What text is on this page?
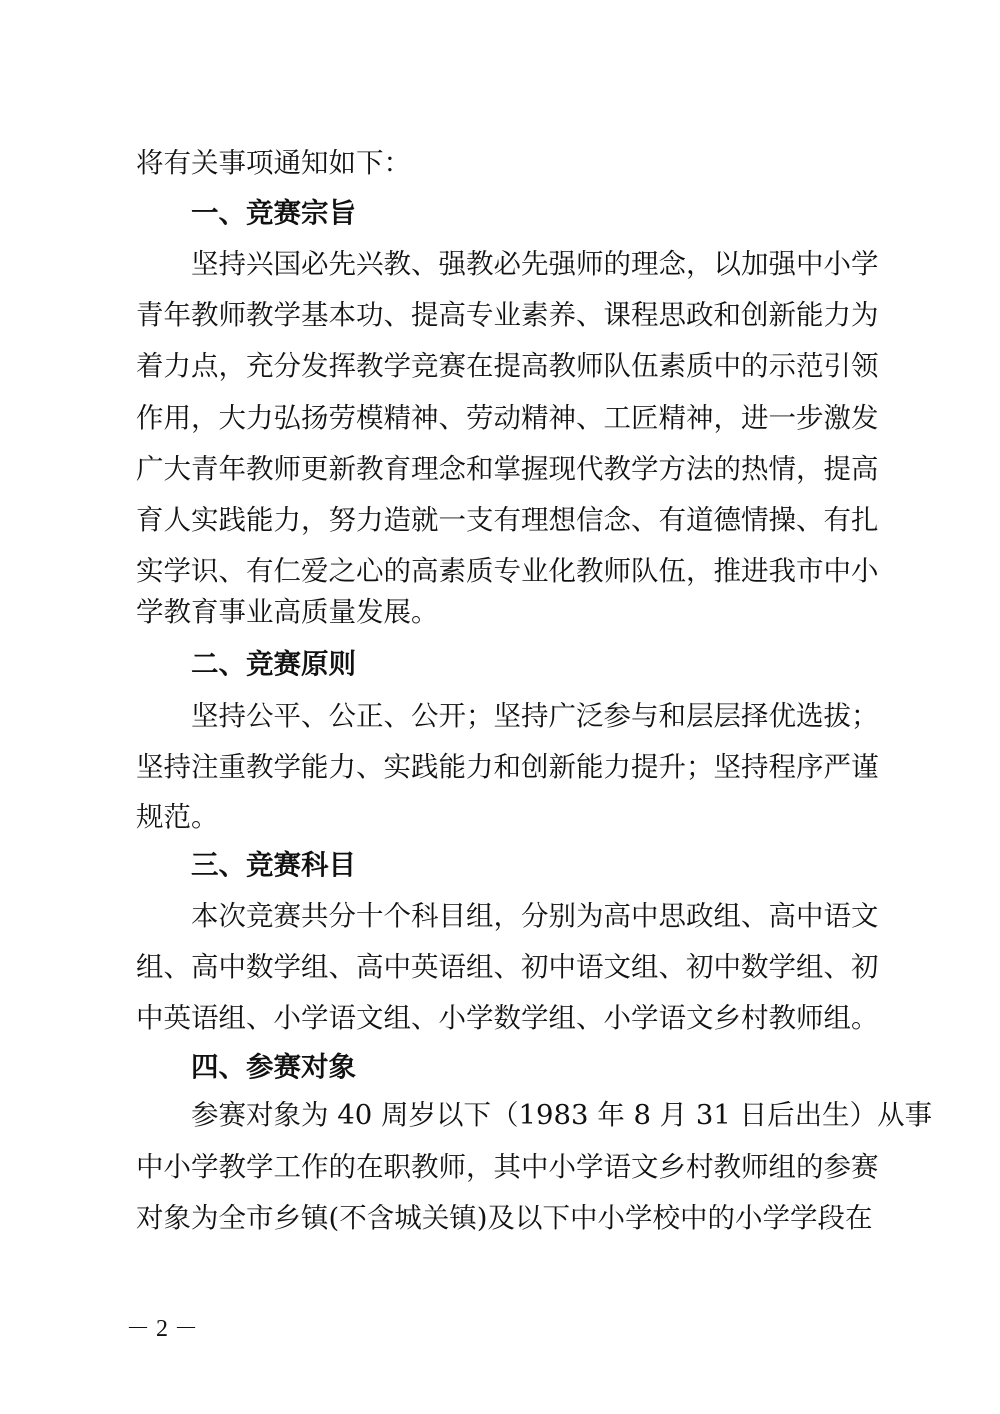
将有关事项通知如下：
一、竞赛宗旨
坚持兴国必先兴教、强教必先强师的理念，以加强中小学
青年教师教学基本功、提高专业素养、课程思政和创新能力为
着力点，充分发挥教学竞赛在提高教师队伍素质中的示范引领
作用，大力弘扬劳模精神、劳动精神、工匠精神，进一步激发
广大青年教师更新教育理念和掌握现代教学方法的热情，提高
育人实践能力，努力造就一支有理想信念、有道德情操、有扎
实学识、有仁爱之心的高素质专业化教师队伍，推进我市中小
学教育事业高质量发展。
二、竞赛原则
坚持公平、公正、公开；坚持广泛参与和层层择优选拔；
坚持注重教学能力、实践能力和创新能力提升；坚持程序严谨
规范。
三、竞赛科目
本次竞赛共分十个科目组，分别为高中思政组、高中语文
组、高中数学组、高中英语组、初中语文组、初中数学组、初
中英语组、小学语文组、小学数学组、小学语文乡村教师组。
四、参赛对象
参赛对象为 40 周岁以下（1983 年 8 月 31 日后出生）从事
中小学教学工作的在职教师，其中小学语文乡村教师组的参赛
对象为全市乡镇(不含城关镇)及以下中小学校中的小学学段在
－ 2 －
